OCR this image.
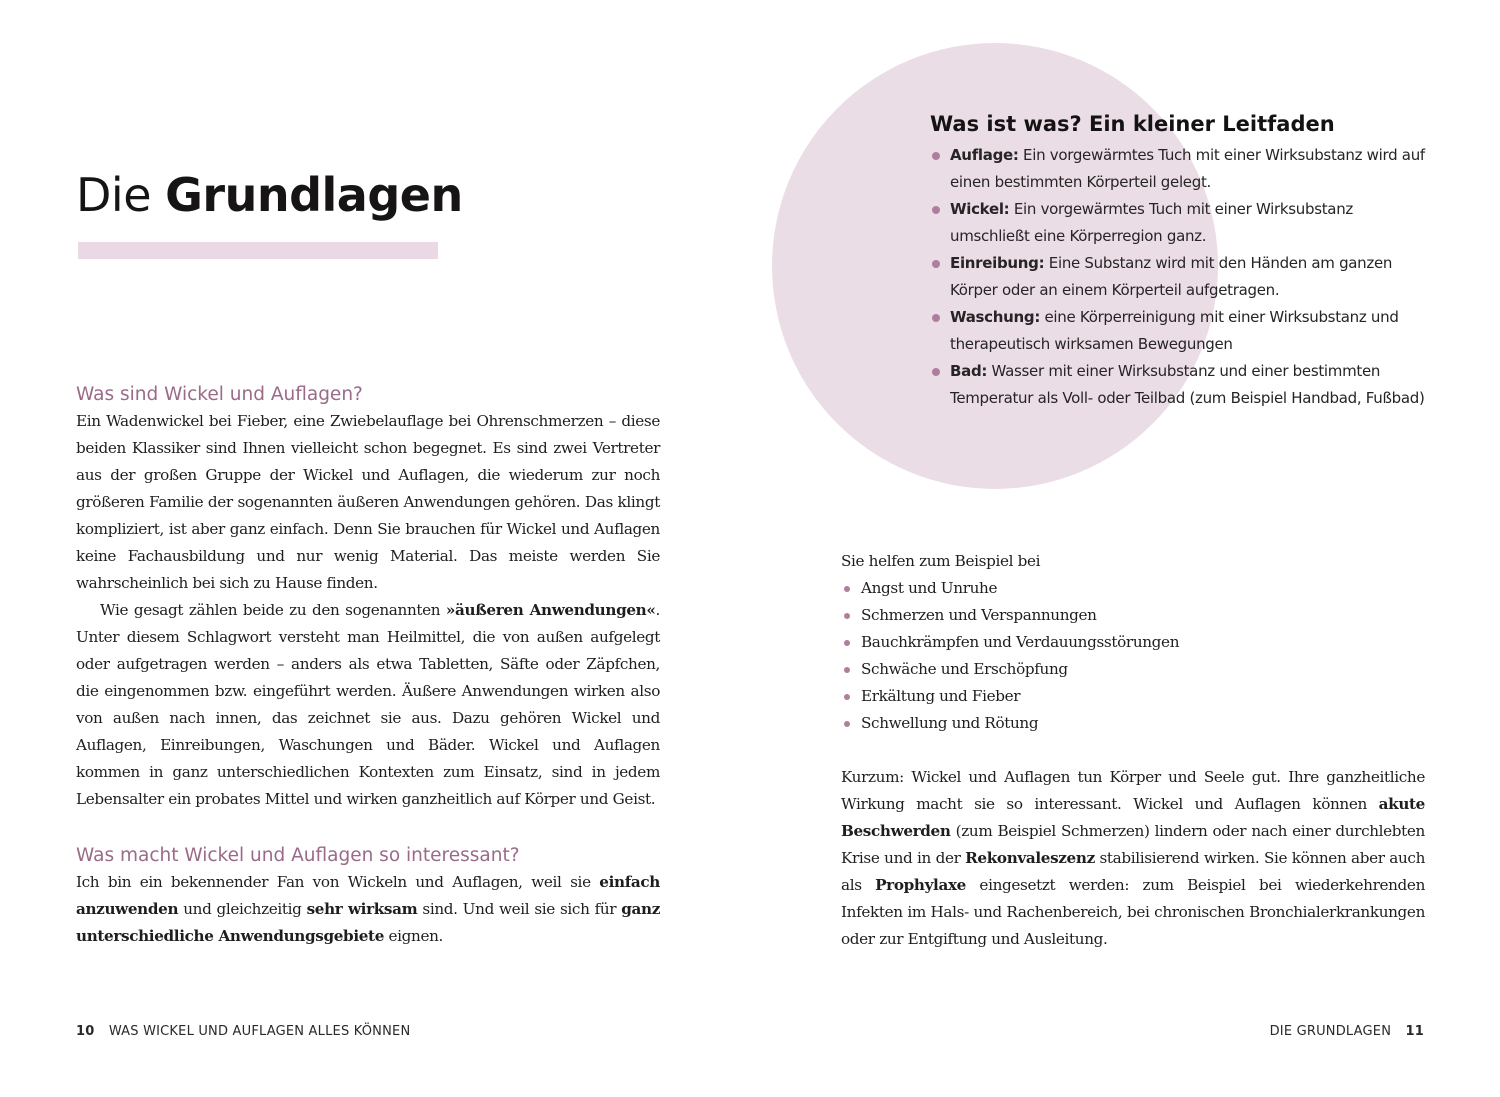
Die Grundlagen
Was sind Wickel und Auflagen?

Ein Wadenwickel bei Fieber, eine Zwiebelauflage bei Ohrenschmerzen – diese beiden Klassiker sind Ihnen vielleicht schon begegnet. Es sind zwei Vertreter aus der großen Gruppe der Wickel und Auflagen, die wiederum zur noch größeren Familie der sogenannten äußeren Anwendungen gehören. Das klingt kompliziert, ist aber ganz einfach. Denn Sie brauchen für Wickel und Auflagen keine Fachausbildung und nur wenig Material. Das meiste werden Sie wahrscheinlich bei sich zu Hause finden.

Wie gesagt zählen beide zu den sogenannten »äußeren Anwendungen«. Unter diesem Schlagwort versteht man Heilmittel, die von außen aufgelegt oder aufgetragen werden – anders als etwa Tabletten, Säfte oder Zäpfchen, die eingenommen bzw. eingeführt werden. Äußere Anwendungen wirken also von außen nach innen, das zeichnet sie aus. Dazu gehören Wickel und Auflagen, Einreibungen, Waschungen und Bäder. Wickel und Auflagen kommen in ganz unterschiedlichen Kontexten zum Einsatz, sind in jedem Lebensalter ein probates Mittel und wirken ganzheitlich auf Körper und Geist.

Was macht Wickel und Auflagen so interessant?

Ich bin ein bekennender Fan von Wickeln und Auflagen, weil sie einfach anzuwenden und gleichzeitig sehr wirksam sind. Und weil sie sich für ganz unterschiedliche Anwendungsgebiete eignen.

10 WAS WICKEL UND AUFLAGEN ALLES KÖNNEN
Was ist was? Ein kleiner Leitfaden
Auflage: Ein vorgewärmtes Tuch mit einer Wirksubstanz wird auf einen bestimmten Körperteil gelegt.
Wickel: Ein vorgewärmtes Tuch mit einer Wirksubstanz umschließt eine Körperregion ganz.
Einreibung: Eine Substanz wird mit den Händen am ganzen Körper oder an einem Körperteil aufgetragen.
Waschung: eine Körperreinigung mit einer Wirksubstanz und therapeutisch wirksamen Bewegungen
Bad: Wasser mit einer Wirksubstanz und einer bestimmten Temperatur als Voll- oder Teilbad (zum Beispiel Handbad, Fußbad)

Sie helfen zum Beispiel bei

Angst und Unruhe
Schmerzen und Verspannungen
Bauchkrämpfen und Verdauungsstörungen
Schwäche und Erschöpfung
Erkältung und Fieber
Schwellung und Rötung

Kurzum: Wickel und Auflagen tun Körper und Seele gut. Ihre ganzheitliche Wirkung macht sie so interessant. Wickel und Auflagen können akute Beschwerden (zum Beispiel Schmerzen) lindern oder nach einer durchlebten Krise und in der Rekonvaleszenz stabilisierend wirken. Sie können aber auch als Prophylaxe eingesetzt werden: zum Beispiel bei wiederkehrenden Infekten im Hals- und Rachenbereich, bei chronischen Bronchialerkrankungen oder zur Entgiftung und Ausleitung.

DIE GRUNDLAGEN 11
